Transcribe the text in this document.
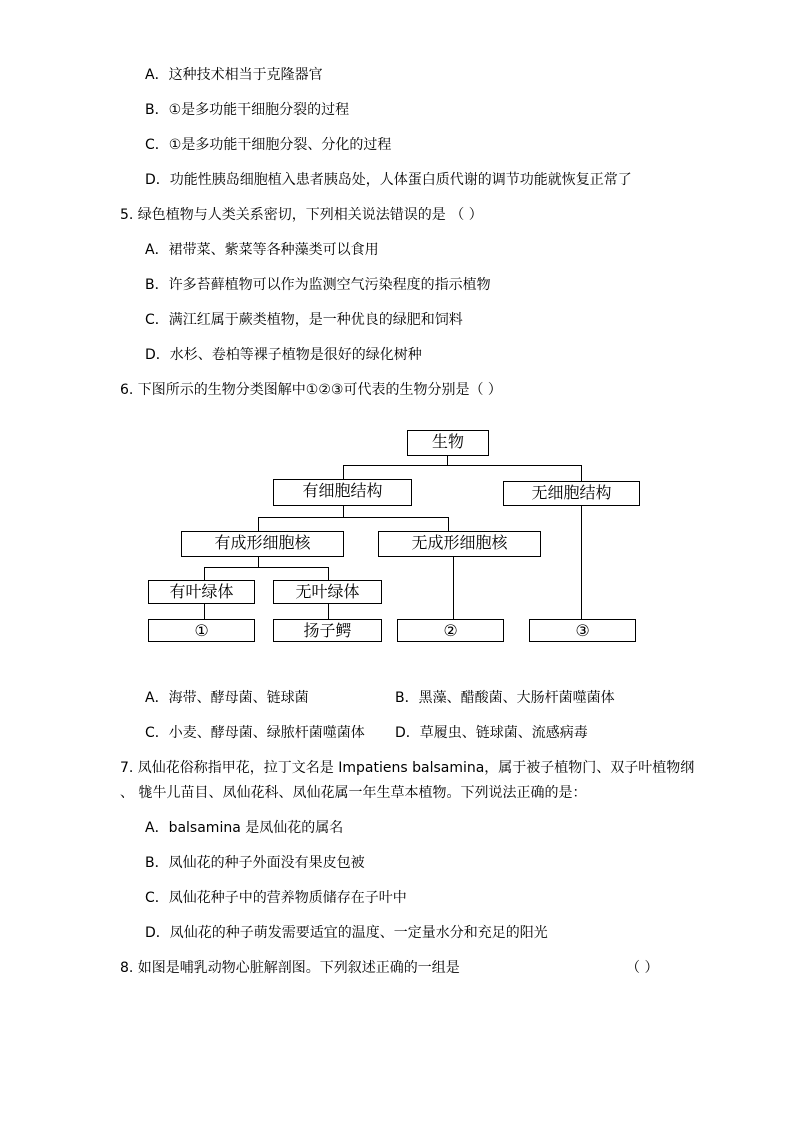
A．这种技术相当于克隆器官
B．①是多功能干细胞分裂的过程
C．①是多功能干细胞分裂、分化的过程
D．功能性胰岛细胞植入患者胰岛处，人体蛋白质代谢的调节功能就恢复正常了
5. 绿色植物与人类关系密切，下列相关说法错误的是 （ ）
A．裙带菜、紫菜等各种藻类可以食用
B．许多苔藓植物可以作为监测空气污染程度的指示植物
C．满江红属于蕨类植物，是一种优良的绿肥和饲料
D．水杉、卷柏等裸子植物是很好的绿化树种
6. 下图所示的生物分类图解中①②③可代表的生物分别是（ ）
生物
有细胞结构	无细胞结构
有成形细胞核	无成形细胞核
有叶绿体	无叶绿体
①	扬子鳄	②	③
A．海带、酵母菌、链球菌	B．黑藻、醋酸菌、大肠杆菌噬菌体
C．小麦、酵母菌、绿脓杆菌噬菌体 D．草履虫、链球菌、流感病毒
7. 凤仙花俗称指甲花，拉丁文名是 Impatiens balsamina，属于被子植物门、双子叶植物纲
、 牻牛儿苗目、凤仙花科、凤仙花属一年生草本植物。下列说法正确的是：
A．balsamina 是凤仙花的属名
B．凤仙花的种子外面没有果皮包被
C．凤仙花种子中的营养物质储存在子叶中
D．凤仙花的种子萌发需要适宜的温度、一定量水分和充足的阳光
8. 如图是哺乳动物心脏解剖图。下列叙述正确的一组是	（ ）
